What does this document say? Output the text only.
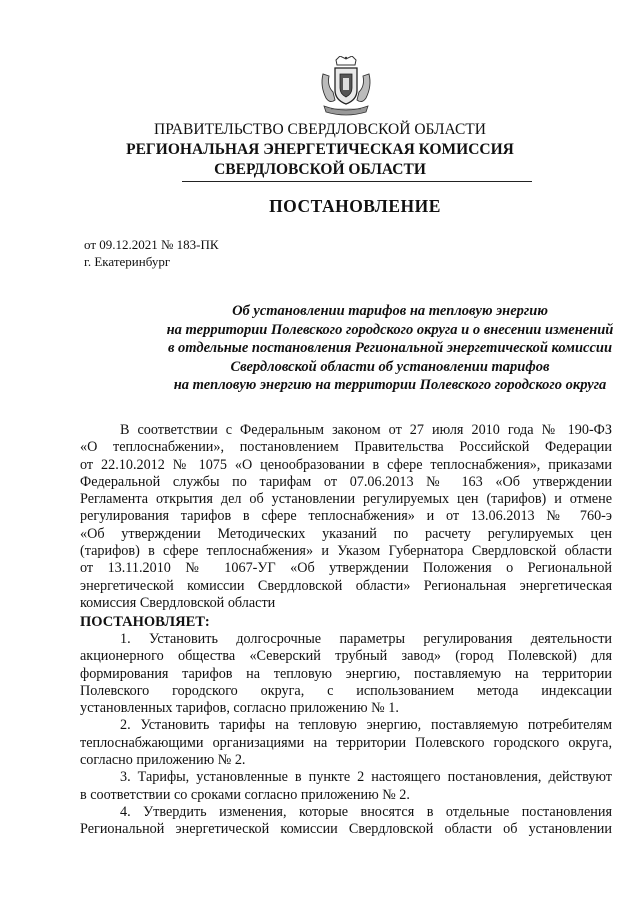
ПРАВИТЕЛЬСТВО СВЕРДЛОВСКОЙ ОБЛАСТИ
РЕГИОНАЛЬНАЯ ЭНЕРГЕТИЧЕСКАЯ КОМИССИЯ
СВЕРДЛОВСКОЙ ОБЛАСТИ
ПОСТАНОВЛЕНИЕ
от 09.12.2021 № 183-ПК
г. Екатеринбург
Об установлении тарифов на тепловую энергию
на территории Полевского городского округа и о внесении изменений
в отдельные постановления Региональной энергетической комиссии
Свердловской области об установлении тарифов
на тепловую энергию на территории Полевского городского округа
В соответствии с Федеральным законом от 27 июля 2010 года № 190-ФЗ
«О теплоснабжении», постановлением Правительства Российской Федерации
от 22.10.2012 № 1075 «О ценообразовании в сфере теплоснабжения», приказами
Федеральной службы по тарифам от 07.06.2013 № 163 «Об утверждении
Регламента открытия дел об установлении регулируемых цен (тарифов) и отмене
регулирования тарифов в сфере теплоснабжения» и от 13.06.2013 № 760-э
«Об утверждении Методических указаний по расчету регулируемых цен
(тарифов) в сфере теплоснабжения» и Указом Губернатора Свердловской области
от 13.11.2010 № 1067-УГ «Об утверждении Положения о Региональной
энергетической комиссии Свердловской области» Региональная энергетическая
комиссия Свердловской области
ПОСТАНОВЛЯЕТ:
1. Установить долгосрочные параметры регулирования деятельности
акционерного общества «Северский трубный завод» (город Полевской) для
формирования тарифов на тепловую энергию, поставляемую на территории
Полевского городского округа, с использованием метода индексации
установленных тарифов, согласно приложению № 1.
2. Установить тарифы на тепловую энергию, поставляемую потребителям
теплоснабжающими организациями на территории Полевского городского округа,
согласно приложению № 2.
3. Тарифы, установленные в пункте 2 настоящего постановления, действуют
в соответствии со сроками согласно приложению № 2.
4. Утвердить изменения, которые вносятся в отдельные постановления
Региональной энергетической комиссии Свердловской области об установлении
